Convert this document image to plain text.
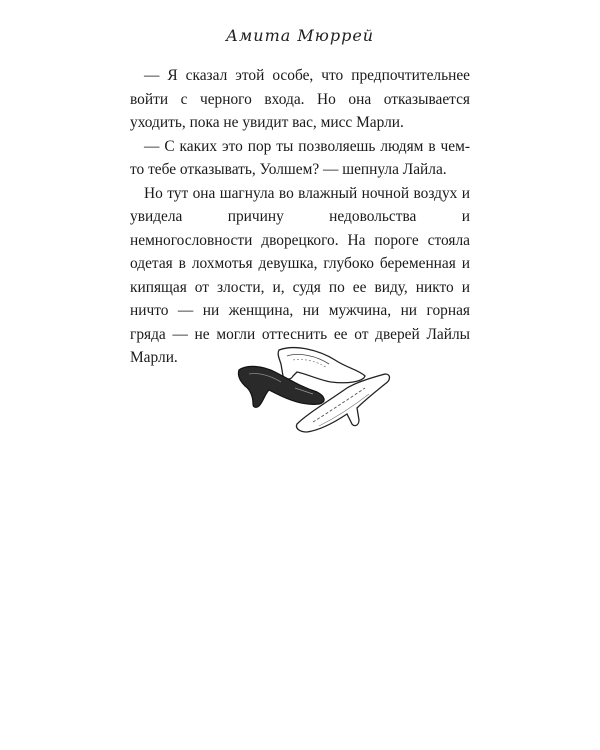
Амита Мюррей

— Я сказал этой особе, что предпочтительнее войти с черного входа. Но она отказывается уходить, пока не увидит вас, мисс Марли.

— С каких это пор ты позволяешь людям в чем-то тебе отказывать, Уолшем? — шепнула Лайла.

Но тут она шагнула во влажный ночной воздух и увидела причину недовольства и немногословности дворецкого. На пороге стояла одетая в лохмотья девушка, глубоко беременная и кипящая от злости, и, судя по ее виду, никто и ничто — ни женщина, ни мужчина, ни горная гряда — не могли оттеснить ее от дверей Лайлы Марли.
